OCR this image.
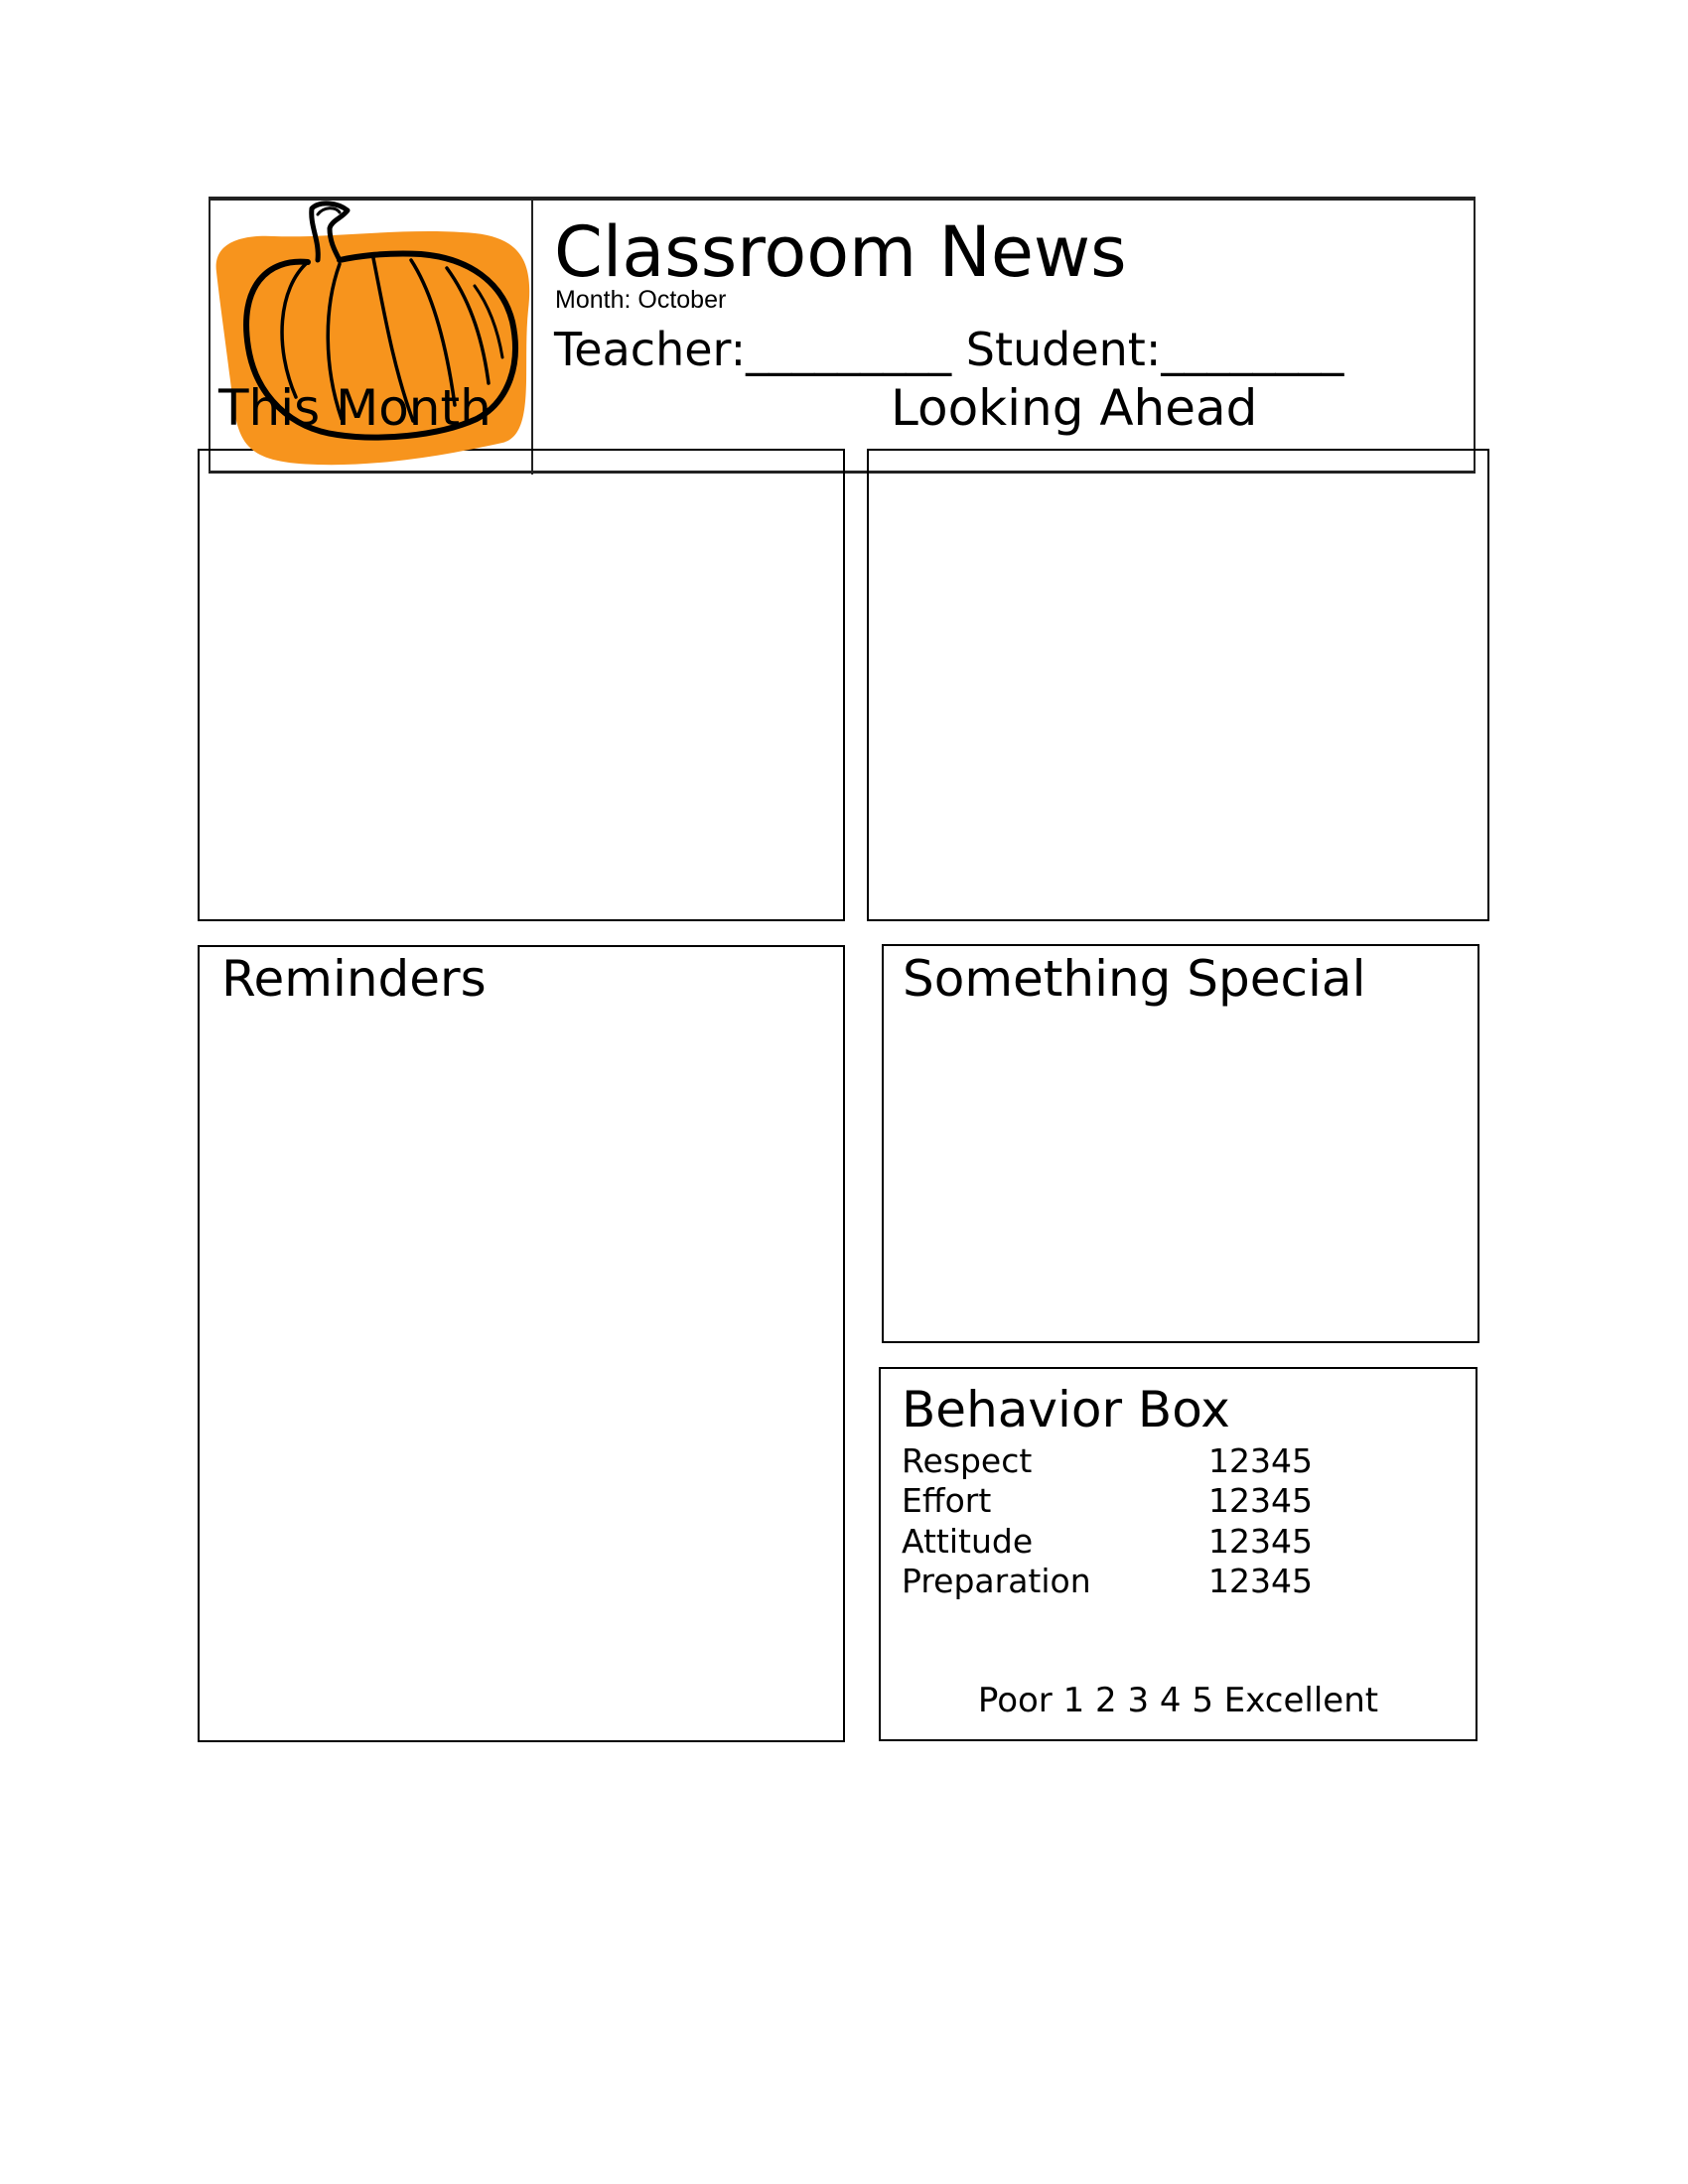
Classroom News
Month: October
Teacher:_________ Student:________
This Month	Looking Ahead
Reminders	Something Special
Behavior Box
Respect	12345
Effort	12345
Attitude	12345
Preparation	12345
Poor 1 2 3 4 5 Excellent
